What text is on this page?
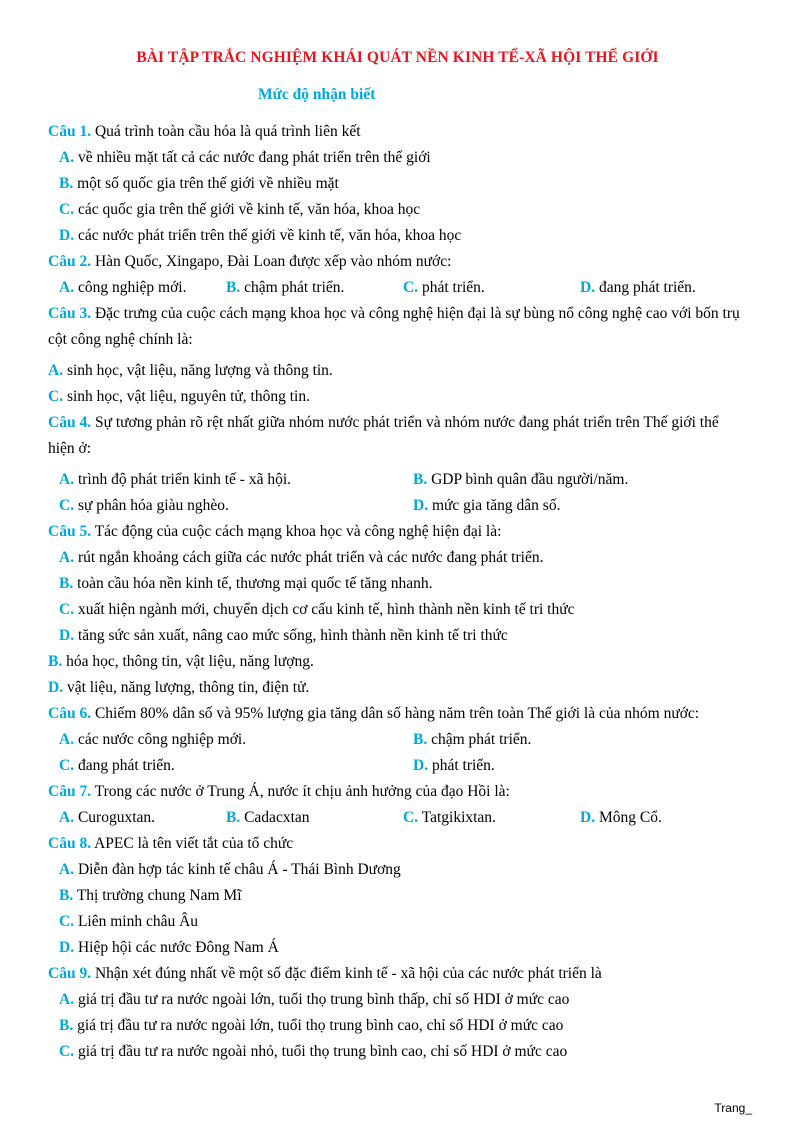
BÀI TẬP TRẮC NGHIỆM KHÁI QUÁT NỀN KINH TẾ-XÃ HỘI THẾ GIỚI
Mức độ nhận biết
Câu 1. Quá trình toàn cầu hóa là quá trình liên kết
A. về nhiều mặt tất cả các nước đang phát triển trên thế giới
B. một số quốc gia trên thế giới về nhiều mặt
C. các quốc gia trên thế giới về kinh tế, văn hóa, khoa học
D. các nước phát triển trên thế giới về kinh tế, văn hóa, khoa học
Câu 2. Hàn Quốc, Xingapo, Đài Loan được xếp vào nhóm nước:
A. công nghiệp mới.	B. chậm phát triển.	C. phát triển.	D. đang phát triển.
Câu 3. Đặc trưng của cuộc cách mạng khoa học và công nghệ hiện đại là sự bùng nổ công nghệ cao với bốn trụ cột công nghệ chính là:
A. sinh học, vật liệu, năng lượng và thông tin.
C. sinh học, vật liệu, nguyên tử, thông tin.
Câu 4. Sự tương phản rõ rệt nhất giữa nhóm nước phát triển và nhóm nước đang phát triển trên Thế giới thể hiện ở:
A. trình độ phát triển kinh tế - xã hội.	B. GDP bình quân đầu người/năm.
C. sự phân hóa giàu nghèo.	D. mức gia tăng dân số.
Câu 5. Tác động của cuộc cách mạng khoa học và công nghệ hiện đại là:
A. rút ngắn khoảng cách giữa các nước phát triển và các nước đang phát triển.
B. toàn cầu hóa nền kinh tế, thương mại quốc tế tăng nhanh.
C. xuất hiện ngành mới, chuyển dịch cơ cấu kinh tế, hình thành nền kinh tế tri thức
D. tăng sức sản xuất, nâng cao mức sống, hình thành nền kinh tế tri thức
B. hóa học, thông tin, vật liệu, năng lượng.
D. vật liệu, năng lượng, thông tin, điện tử.
Câu 6. Chiếm 80% dân số và 95% lượng gia tăng dân số hàng năm trên toàn Thế giới là của nhóm nước:
A. các nước công nghiệp mới.	B. chậm phát triển.
C. đang phát triển.	D. phát triển.
Câu 7. Trong các nước ở Trung Á, nước ít chịu ảnh hưởng của đạo Hồi là:
A. Curoguxtan.	B. Cadacxtan	C. Tatgikixtan.	D. Mông Cổ.
Câu 8. APEC là tên viết tắt của tổ chức
A. Diễn đàn hợp tác kinh tế châu Á - Thái Bình Dương
B. Thị trường chung Nam Mĩ
C. Liên minh châu Âu
D. Hiệp hội các nước Đông Nam Á
Câu 9. Nhận xét đúng nhất về một số đặc điểm kinh tế - xã hội của các nước phát triển là
A. giá trị đầu tư ra nước ngoài lớn, tuổi thọ trung bình thấp, chỉ số HDI ở mức cao
B. giá trị đầu tư ra nước ngoài lớn, tuổi thọ trung bình cao, chỉ số HDI ở mức cao
C. giá trị đầu tư ra nước ngoài nhỏ, tuổi thọ trung bình cao, chỉ số HDI ở mức cao
Trang_
